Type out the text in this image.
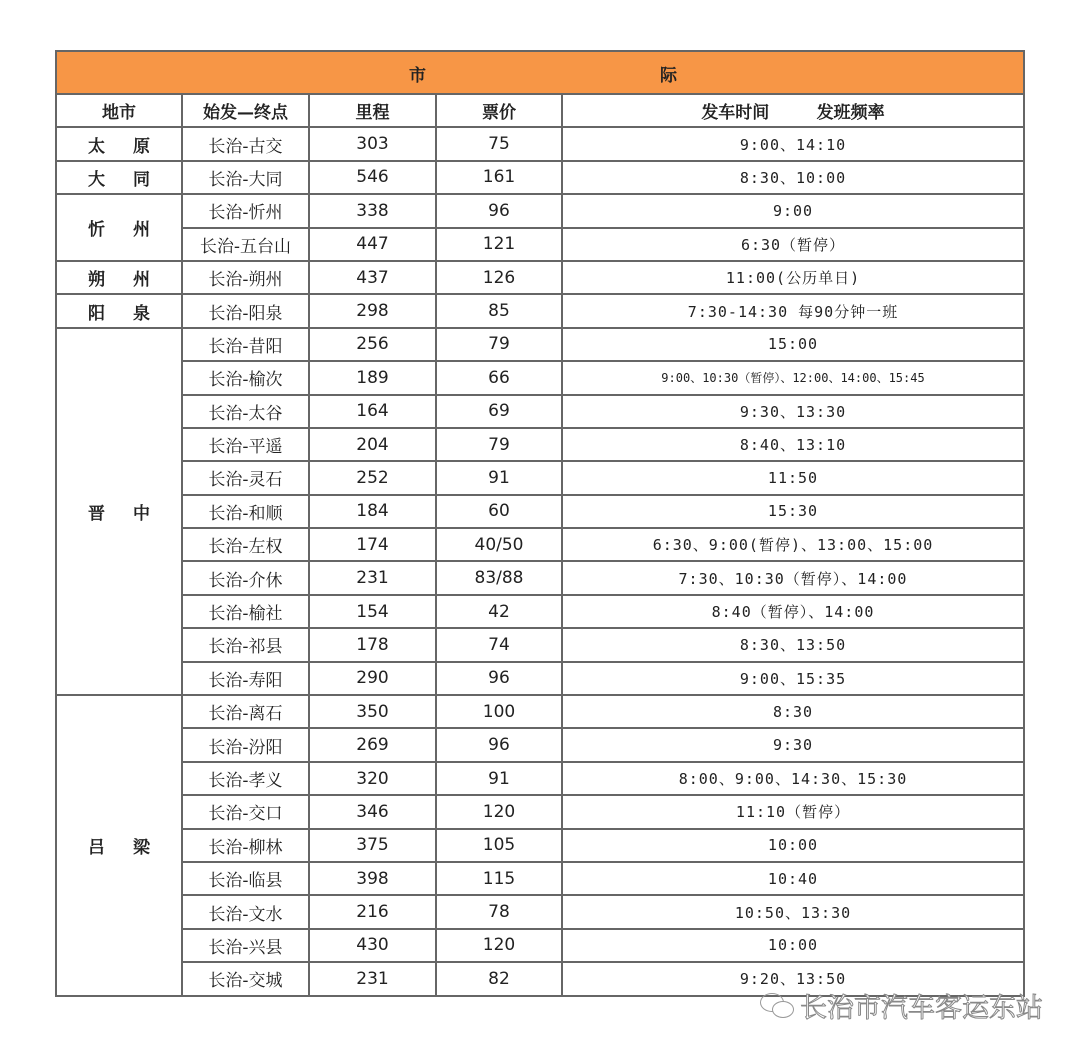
市 际				

地市	始发—终点	里程	票价	发车时间        发班频率
太原	长治-古交	303	75	9:00、14:10
大同	长治-大同	546	161	8:30、10:00
忻州	长治-忻州	338	96	9:00
	长治-五台山	447	121	6:30（暂停）
朔州	长治-朔州	437	126	11:00(公历单日)
阳泉	长治-阳泉	298	85	7:30-14:30 每90分钟一班
晋中	长治-昔阳	256	79	15:00
	长治-榆次	189	66	9:00、10:30（暂停）、12:00、14:00、15:45
	长治-太谷	164	69	9:30、13:30
	长治-平遥	204	79	8:40、13:10
	长治-灵石	252	91	11:50
	长治-和顺	184	60	15:30
	长治-左权	174	40/50	6:30、9:00(暂停)、13:00、15:00
	长治-介休	231	83/88	7:30、10:30（暂停）、14:00
	长治-榆社	154	42	8:40（暂停）、14:00
	长治-祁县	178	74	8:30、13:50
	长治-寿阳	290	96	9:00、15:35
吕梁	长治-离石	350	100	8:30
	长治-汾阳	269	96	9:30
	长治-孝义	320	91	8:00、9:00、14:30、15:30
	长治-交口	346	120	11:10（暂停）
	长治-柳林	375	105	10:00
	长治-临县	398	115	10:40
	长治-文水	216	78	10:50、13:30
	长治-兴县	430	120	10:00
	长治-交城	231	82	9:20、13:50
长治市汽车客运东站
